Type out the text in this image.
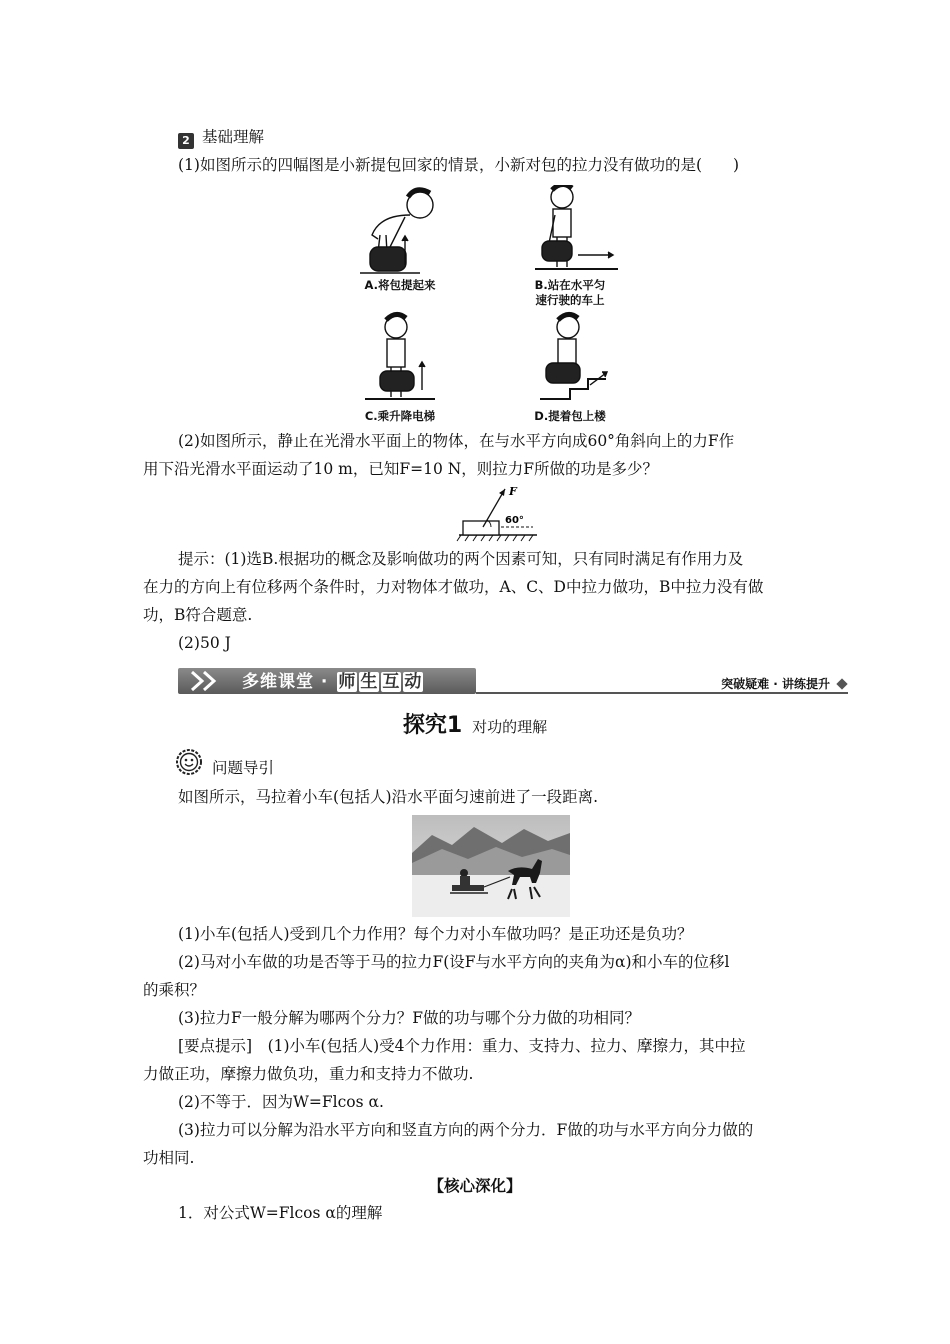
2 基础理解
(1)如图所示的四幅图是小新提包回家的情景，小新对包的拉力没有做功的是(　　)
A.将包提起来	B.站在水平匀
速行驶的车上
C.乘升降电梯	D.提着包上楼
(2)如图所示，静止在光滑水平面上的物体，在与水平方向成60°角斜向上的力F作
用下沿光滑水平面运动了10 m，已知F=10 N，则拉力F所做的功是多少？
F
60°
提示：(1)选B.根据功的概念及影响做功的两个因素可知，只有同时满足有作用力及
在力的方向上有位移两个条件时，力对物体才做功，A、C、D中拉力做功，B中拉力没有做
功，B符合题意.
(2)50 J
多维课堂 · 师 生 互 动	突破疑难 · 讲练提升
探究1 对功的理解
问题导引
如图所示，马拉着小车(包括人)沿水平面匀速前进了一段距离.
(1)小车(包括人)受到几个力作用？每个力对小车做功吗？是正功还是负功？
(2)马对小车做的功是否等于马的拉力F(设F与水平方向的夹角为α)和小车的位移l
的乘积？
(3)拉力F一般分解为哪两个分力？F做的功与哪个分力做的功相同？
[要点提示]　(1)小车(包括人)受4个力作用：重力、支持力、拉力、摩擦力，其中拉
力做正功，摩擦力做负功，重力和支持力不做功.
(2)不等于．因为W=Flcos α.
(3)拉力可以分解为沿水平方向和竖直方向的两个分力．F做的功与水平方向分力做的
功相同.
【核心深化】
1．对公式W=Flcos α的理解
